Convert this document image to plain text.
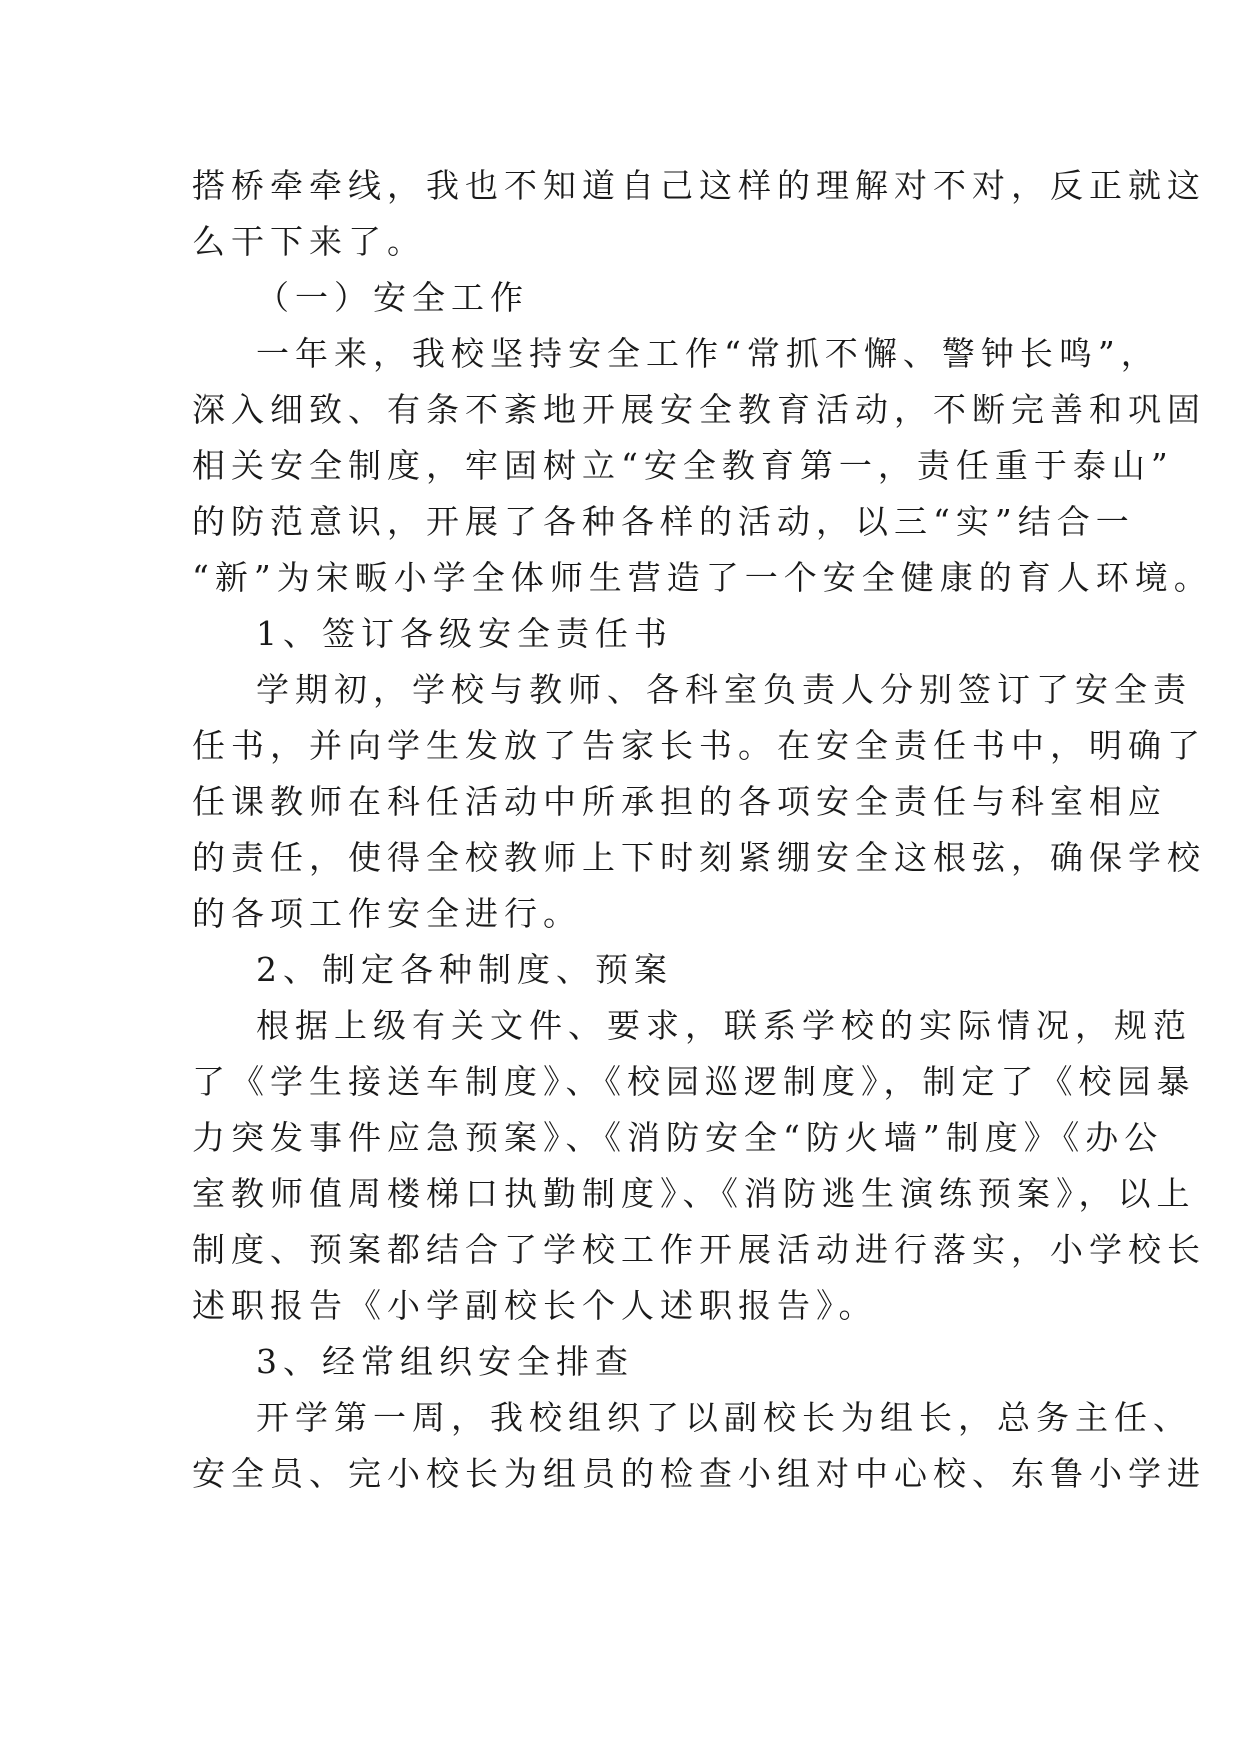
搭桥牵牵线，我也不知道自己这样的理解对不对，反正就这
么干下来了。
（一）安全工作
一年来，我校坚持安全工作“常抓不懈、警钟长鸣”，
深入细致、有条不紊地开展安全教育活动，不断完善和巩固
相关安全制度，牢固树立“安全教育第一，责任重于泰山”
的防范意识，开展了各种各样的活动，以三“实”结合一
“新”为宋畈小学全体师生营造了一个安全健康的育人环境。
1、签订各级安全责任书
学期初，学校与教师、各科室负责人分别签订了安全责
任书，并向学生发放了告家长书。在安全责任书中，明确了
任课教师在科任活动中所承担的各项安全责任与科室相应
的责任，使得全校教师上下时刻紧绷安全这根弦，确保学校
的各项工作安全进行。
2、制定各种制度、预案
根据上级有关文件、要求，联系学校的实际情况，规范
了《学生接送车制度》、《校园巡逻制度》，制定了《校园暴
力突发事件应急预案》、《消防安全“防火墙”制度》《办公
室教师值周楼梯口执勤制度》、《消防逃生演练预案》，以上
制度、预案都结合了学校工作开展活动进行落实，小学校长
述职报告《小学副校长个人述职报告》。
3、经常组织安全排查
开学第一周，我校组织了以副校长为组长，总务主任、
安全员、完小校长为组员的检查小组对中心校、东鲁小学进
